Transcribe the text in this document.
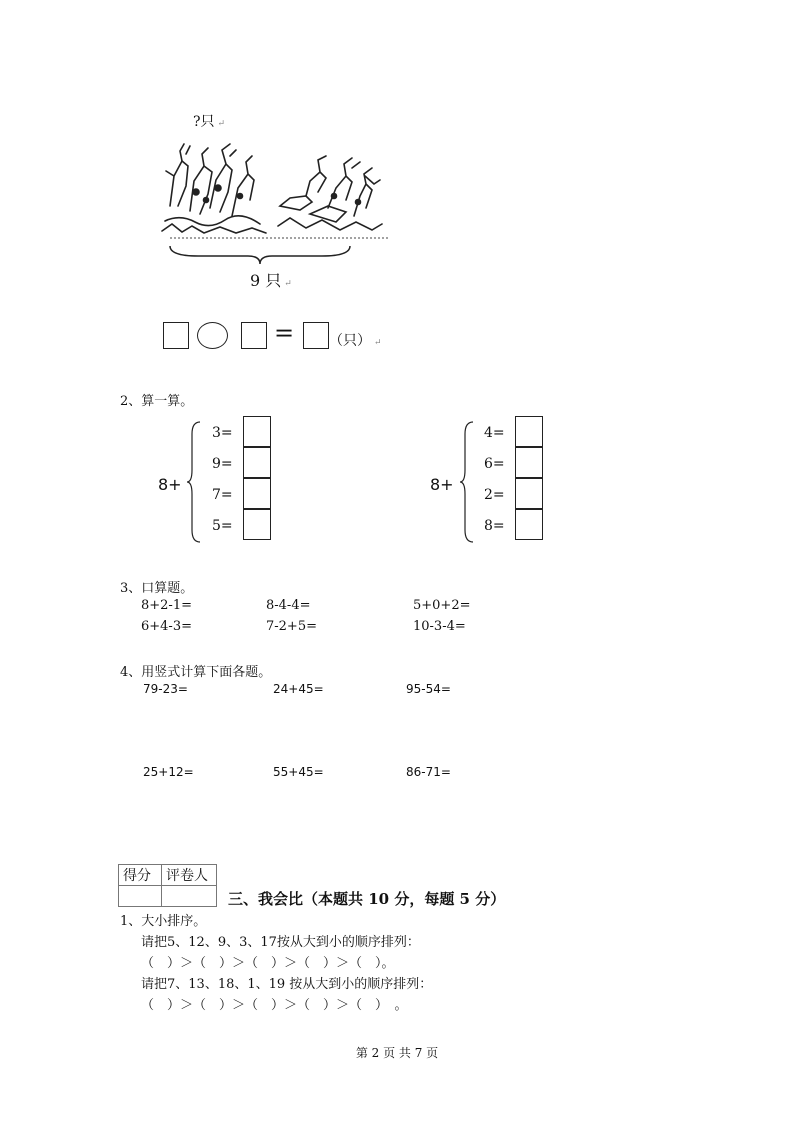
?只 ↵
9 只 ↵
= （只） ↵
2、算一算。
8+
3=
9=
7=
5=
8+
4=
6=
2=
8=
3、口算题。
8+2-1=	8-4-4=	5+0+2=
6+4-3=	7-2+5=	10-3-4=
4、用竖式计算下面各题。
79-23=	24+45=	95-54=
25+12=	55+45=	86-71=
得分	评卷人

三、我会比（本题共 10 分，每题 5 分）
1、大小排序。
请把5、12、9、3、17按从大到小的顺序排列：
（　）＞（　）＞（　）＞（　）＞（　）。
请把7、13、18、1、19 按从大到小的顺序排列：
（　）＞（　）＞（　）＞（　）＞（　）　。
第 2 页 共 7 页
